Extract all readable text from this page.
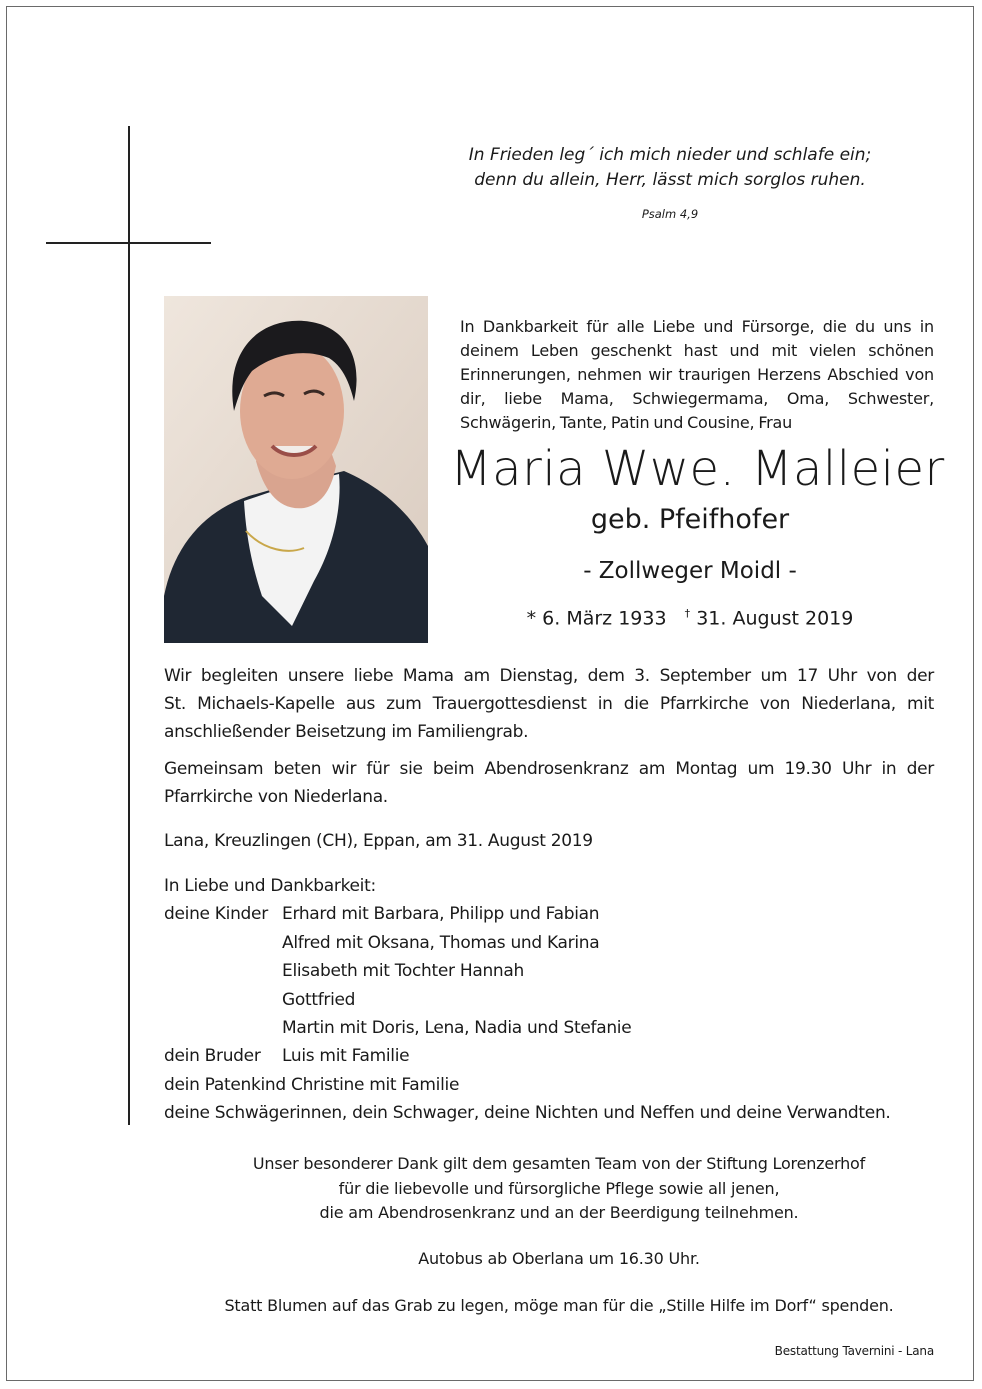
In Frieden leg´ ich mich nieder und schlafe ein;
denn du allein, Herr, lässt mich sorglos ruhen.
Psalm 4,9
In Dankbarkeit für alle Liebe und Fürsorge, die du uns in
deinem Leben geschenkt hast und mit vielen schönen
Erinnerungen, nehmen wir traurigen Herzens Abschied von
dir, liebe Mama, Schwiegermama, Oma, Schwester,
Schwägerin, Tante, Patin und Cousine, Frau
Maria Wwe. Malleier
geb. Pfeifhofer
- Zollweger Moidl -
* 6. März 1933 † 31. August 2019
Wir begleiten unsere liebe Mama am Dienstag, dem 3. September um 17 Uhr von der
St. Michaels-Kapelle aus zum Trauergottesdienst in die Pfarrkirche von Niederlana, mit
anschließender Beisetzung im Familiengrab.
Gemeinsam beten wir für sie beim Abendrosenkranz am Montag um 19.30 Uhr in der
Pfarrkirche von Niederlana.
Lana, Kreuzlingen (CH), Eppan, am 31. August 2019
In Liebe und Dankbarkeit:
deine Kinder Erhard mit Barbara, Philipp und Fabian
Alfred mit Oksana, Thomas und Karina
Elisabeth mit Tochter Hannah
Gottfried
Martin mit Doris, Lena, Nadia und Stefanie
dein Bruder	Luis mit Familie
dein Patenkind Christine mit Familie
deine Schwägerinnen, dein Schwager, deine Nichten und Neffen und deine Verwandten.
Unser besonderer Dank gilt dem gesamten Team von der Stiftung Lorenzerhof
für die liebevolle und fürsorgliche Pflege sowie all jenen,
die am Abendrosenkranz und an der Beerdigung teilnehmen.
Autobus ab Oberlana um 16.30 Uhr.
Statt Blumen auf das Grab zu legen, möge man für die „Stille Hilfe im Dorf“ spenden.
Bestattung Tavernini - Lana
